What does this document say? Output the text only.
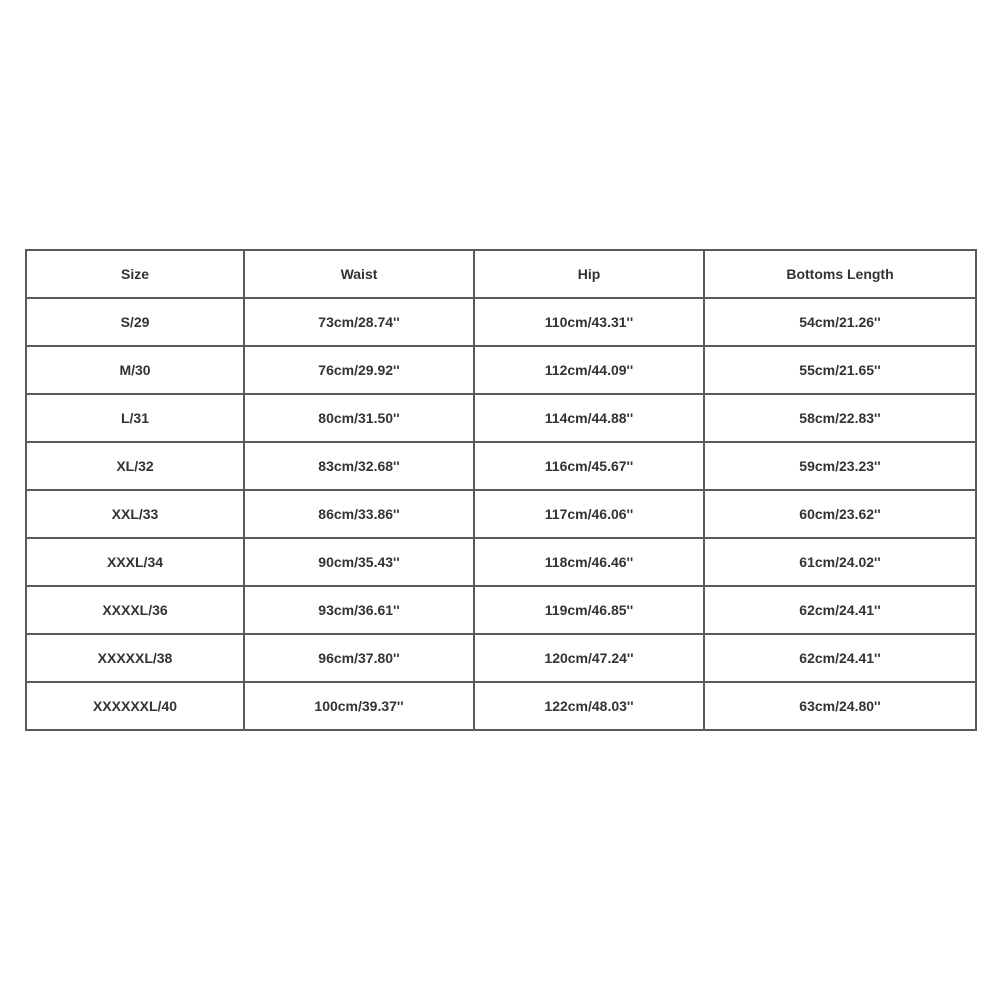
Size	Waist	Hip	Bottoms Length
S/29	73cm/28.74''	110cm/43.31''	54cm/21.26''
M/30	76cm/29.92''	112cm/44.09''	55cm/21.65''
L/31	80cm/31.50''	114cm/44.88''	58cm/22.83''
XL/32	83cm/32.68''	116cm/45.67''	59cm/23.23''
XXL/33	86cm/33.86''	117cm/46.06''	60cm/23.62''
XXXL/34	90cm/35.43''	118cm/46.46''	61cm/24.02''
XXXXL/36	93cm/36.61''	119cm/46.85''	62cm/24.41''
XXXXXL/38	96cm/37.80''	120cm/47.24''	62cm/24.41''
XXXXXXL/40	100cm/39.37''	122cm/48.03''	63cm/24.80''
